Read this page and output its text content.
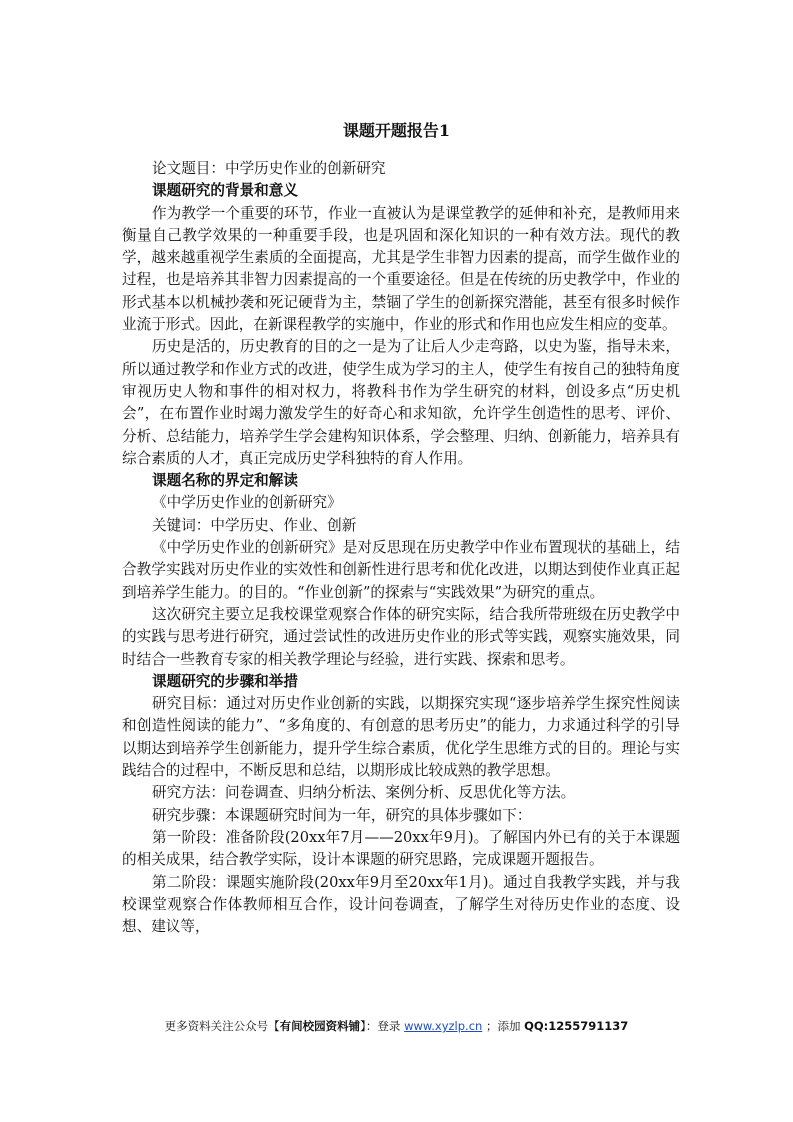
课题开题报告1

论文题目：中学历史作业的创新研究

课题研究的背景和意义

作为教学一个重要的环节，作业一直被认为是课堂教学的延伸和补充，是教师用来衡量自己教学效果的一种重要手段，也是巩固和深化知识的一种有效方法。现代的教学，越来越重视学生素质的全面提高，尤其是学生非智力因素的提高，而学生做作业的过程，也是培养其非智力因素提高的一个重要途径。但是在传统的历史教学中，作业的形式基本以机械抄袭和死记硬背为主，禁锢了学生的创新探究潜能，甚至有很多时候作业流于形式。因此，在新课程教学的实施中，作业的形式和作用也应发生相应的变革。

历史是活的，历史教育的目的之一是为了让后人少走弯路，以史为鉴，指导未来，所以通过教学和作业方式的改进，使学生成为学习的主人，使学生有按自己的独特角度审视历史人物和事件的相对权力，将教科书作为学生研究的材料，创设多点“历史机会”，在布置作业时竭力激发学生的好奇心和求知欲，允许学生创造性的思考、评价、分析、总结能力，培养学生学会建构知识体系，学会整理、归纳、创新能力，培养具有综合素质的人才，真正完成历史学科独特的育人作用。

课题名称的界定和解读

《中学历史作业的创新研究》

关键词：中学历史、作业、创新

《中学历史作业的创新研究》是对反思现在历史教学中作业布置现状的基础上，结合教学实践对历史作业的实效性和创新性进行思考和优化改进，以期达到使作业真正起到培养学生能力。的目的。“作业创新”的探索与“实践效果”为研究的重点。

这次研究主要立足我校课堂观察合作体的研究实际，结合我所带班级在历史教学中的实践与思考进行研究，通过尝试性的改进历史作业的形式等实践，观察实施效果，同时结合一些教育专家的相关教学理论与经验，进行实践、探索和思考。

课题研究的步骤和举措

研究目标：通过对历史作业创新的实践，以期探究实现“逐步培养学生探究性阅读和创造性阅读的能力”、“多角度的、有创意的思考历史”的能力，力求通过科学的引导以期达到培养学生创新能力，提升学生综合素质，优化学生思维方式的目的。理论与实践结合的过程中，不断反思和总结，以期形成比较成熟的教学思想。

研究方法：问卷调查、归纳分析法、案例分析、反思优化等方法。

研究步骤：本课题研究时间为一年，研究的具体步骤如下：

第一阶段：准备阶段(20xx年7月——20xx年9月)。了解国内外已有的关于本课题的相关成果，结合教学实际，设计本课题的研究思路，完成课题开题报告。

第二阶段：课题实施阶段(20xx年9月至20xx年1月)。通过自我教学实践，并与我校课堂观察合作体教师相互合作，设计问卷调查，了解学生对待历史作业的态度、设想、建议等，

更多资料关注公众号【有间校园资料铺】：登录 www.xyzlp.cn ；添加 QQ:1255791137
